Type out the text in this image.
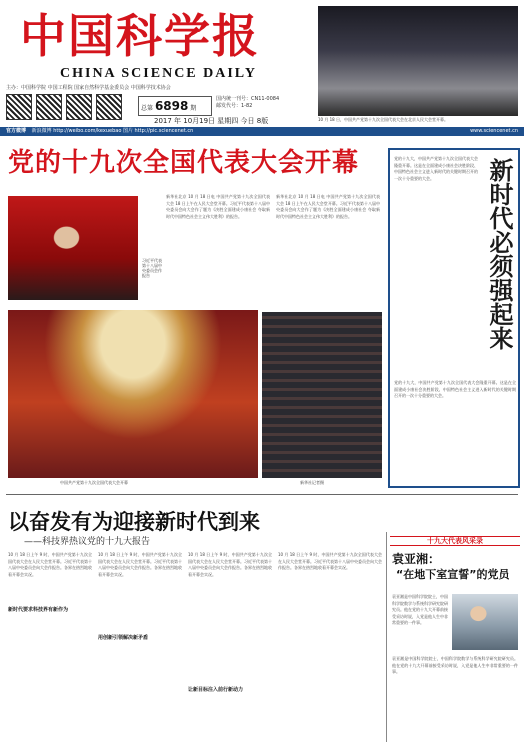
中国科学报
CHINA SCIENCE DAILY
主办：中国科学院 中国工程院 国家自然科学基金委员会 中国科学技术协会
总第 6898 期
国内统一刊号：CN11-0084
邮发代号：1-82
2017 年 10月19日 星期四 今日 8版	10 月 18 日，中国共产党第十九次全国代表大会在北京人民大会堂开幕。
官方微博 新浪微博 http://weibo.com/kexuebao 图片 http://pic.sciencenet.cn	www.sciencenet.cn
党的十九次全国代表大会开幕
习近平代表第十八届中央委员会作报告
新华社北京 10 月 18 日电 中国共产党第十九次全国代表大会 18 日上午在人民大会堂开幕。习近平代表第十八届中央委员会向大会作了题为《决胜全面建成小康社会 夺取新时代中国特色社会主义伟大胜利》的报告。
新华社北京 10 月 18 日电 中国共产党第十九次全国代表大会 18 日上午在人民大会堂开幕。习近平代表第十八届中央委员会向大会作了题为《决胜全面建成小康社会 夺取新时代中国特色社会主义伟大胜利》的报告。
中国共产党第十九次全国代表大会开幕	新华社记者摄
新时代必须强起来
党的十九大，中国共产党第十九次全国代表大会隆重开幕。这是在全面建成小康社会决胜阶段、中国特色社会主义进入新时代的关键时期召开的一次十分重要的大会。
党的十九大，中国共产党第十九次全国代表大会隆重开幕。这是在全面建成小康社会决胜阶段、中国特色社会主义进入新时代的关键时期召开的一次十分重要的大会。
以奋发有为迎接新时代到来
——科技界热议党的十九大报告
10 月 18 日上午 9 时，中国共产党第十九次全国代表大会在人民大会堂开幕。习近平代表第十八届中央委员会向大会作报告。各界在热烈地收看开幕会实况。
新时代要求科技界有新作为
10 月 18 日上午 9 时，中国共产党第十九次全国代表大会在人民大会堂开幕。习近平代表第十八届中央委员会向大会作报告。各界在热烈地收看开幕会实况。
用创新引领解决新矛盾
10 月 18 日上午 9 时，中国共产党第十九次全国代表大会在人民大会堂开幕。习近平代表第十八届中央委员会向大会作报告。各界在热烈地收看开幕会实况。
让新目标注入前行新动力
10 月 18 日上午 9 时，中国共产党第十九次全国代表大会在人民大会堂开幕。习近平代表第十八届中央委员会向大会作报告。各界在热烈地收看开幕会实况。
十九大代表风采录
袁亚湘：
“在地下室宣誓”的党员
袁亚湘是中国科学院院士，中国科学院数学与系统科学研究院研究员。他在党的十九大开幕前接受采访时说，入党是他人生中非常重要的一件事。
袁亚湘是中国科学院院士，中国科学院数学与系统科学研究院研究员。他在党的十九大开幕前接受采访时说，入党是他人生中非常重要的一件事。
